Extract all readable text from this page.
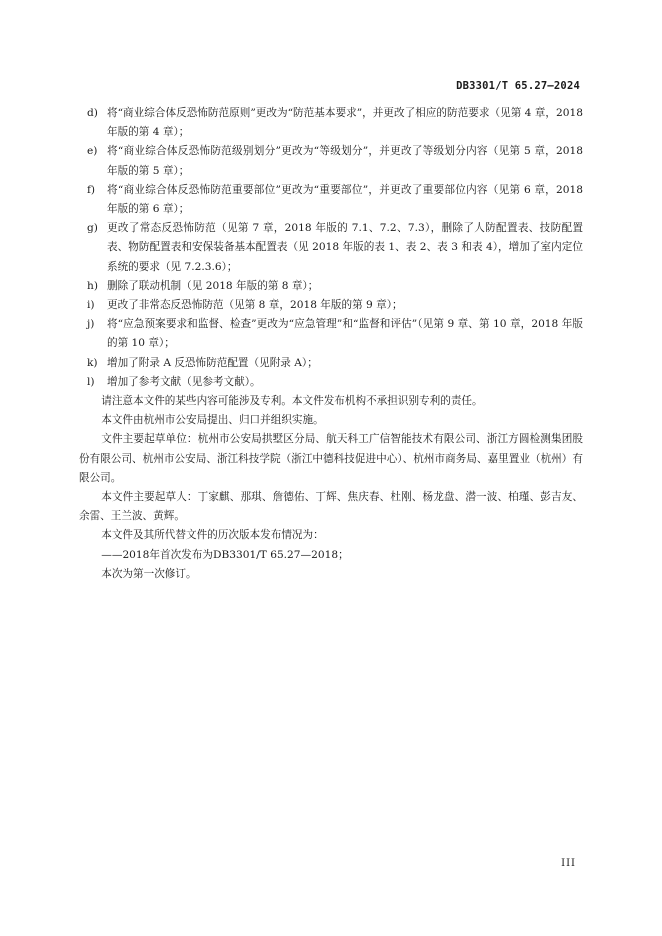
DB3301/T 65.27—2024
d) 将“商业综合体反恐怖防范原则”更改为“防范基本要求”，并更改了相应的防范要求（见第 4 章，2018 年版的第 4 章）；
e) 将“商业综合体反恐怖防范级别划分”更改为“等级划分”，并更改了等级划分内容（见第 5 章，2018 年版的第 5 章）；
f)	将“商业综合体反恐怖防范重要部位”更改为“重要部位”，并更改了重要部位内容（见第 6 章，2018 年版的第 6 章）；
g) 更改了常态反恐怖防范（见第 7 章，2018 年版的 7.1、7.2、7.3），删除了人防配置表、技防配置表、物防配置表和安保装备基本配置表（见 2018 年版的表 1、表 2、表 3 和表 4），增加了室内定位系统的要求（见 7.2.3.6）；
h) 删除了联动机制（见 2018 年版的第 8 章）；
i)	更改了非常态反恐怖防范（见第 8 章，2018 年版的第 9 章）；
j)	将“应急预案要求和监督、检查”更改为“应急管理”和“监督和评估”（见第 9 章、第 10 章，2018 年版的第 10 章）；
k) 增加了附录 A 反恐怖防范配置（见附录 A）；
l)	增加了参考文献（见参考文献）。
请注意本文件的某些内容可能涉及专利。本文件发布机构不承担识别专利的责任。
本文件由杭州市公安局提出、归口并组织实施。
文件主要起草单位：杭州市公安局拱墅区分局、航天科工广信智能技术有限公司、浙江方圆检测集团股份有限公司、杭州市公安局、浙江科技学院（浙江中德科技促进中心）、杭州市商务局、嘉里置业（杭州）有限公司。
本文件主要起草人：丁家麒、那琪、詹德佑、丁辉、焦庆春、杜刚、杨龙盘、潜一波、柏瑾、彭吉友、余雷、王兰波、黄辉。
本文件及其所代替文件的历次版本发布情况为：
——2018年首次发布为DB3301/T 65.27—2018；
本次为第一次修订。
III
